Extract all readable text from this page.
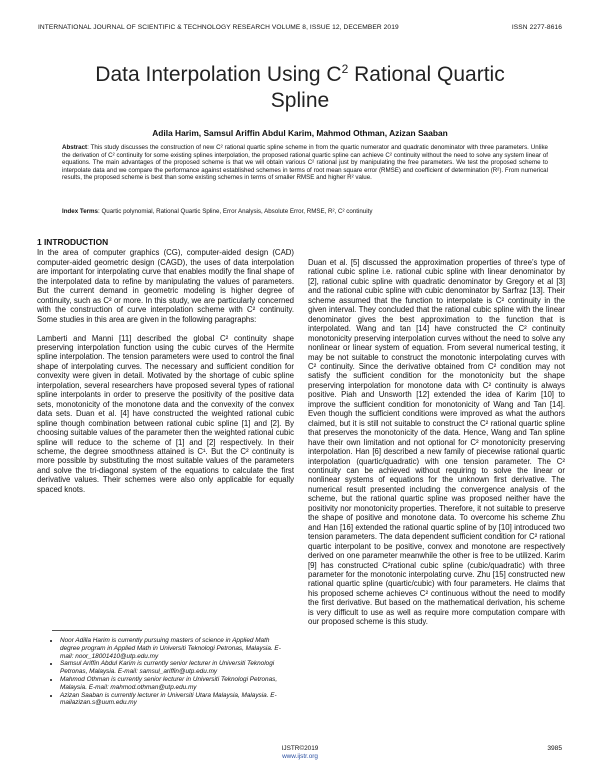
INTERNATIONAL JOURNAL OF SCIENTIFIC & TECHNOLOGY RESEARCH VOLUME 8, ISSUE 12, DECEMBER 2019	ISSN 2277-8616
Data Interpolation Using $C^2$ Rational Quartic
Spline
Adila Harim, Samsul Ariffin Abdul Karim, Mahmod Othman, Azizan Saaban
Abstract: This study discusses the construction of new C² rational quartic spline scheme in from the quartic numerator and quadratic denominator with three parameters. Unlike the derivation of C² continuity for some existing splines interpolation, the proposed rational quartic spline can achieve C² continuity without the need to solve any system linear of equations. The main advantages of the proposed scheme is that we will obtain various C² rational just by manipulating the free parameters. We test the proposed scheme to interpolate data and we compare the performance against established schemes in terms of root mean square error (RMSE) and coefficient of determination (R²). From numerical results, the proposed scheme is best than some existing schemes in terms of smaller RMSE and higher R² value.
Index Terms: Quartic polynomial, Rational Quartic Spline, Error Analysis, Absolute Error, RMSE, R², C² continuity

1 INTRODUCTION

In the area of computer graphics (CG), computer-aided design (CAD) computer-aided geometric design (CAGD), the uses of data interpolation are important for interpolating curve that enables modify the final shape of the interpolated data to refine by manipulating the values of parameters. But the current demand in geometric modeling is higher degree of continuity, such as C² or more. In this study, we are particularly concerned with the construction of curve interpolation scheme with C² continuity. Some studies in this area are given in the following paragraphs:

Lamberti and Manni [11] described the global C² continuity shape preserving interpolation function using the cubic curves of the Hermite spline interpolation. The tension parameters were used to control the final shape of interpolating curves. The necessary and sufficient condition for convexity were given in detail. Motivated by the shortage of cubic spline interpolation, several researchers have proposed several types of rational spline interpolants in order to preserve the positivity of the positive data sets, monotonicity of the monotone data and the convexity of the convex data sets. Duan et al. [4] have constructed the weighted rational cubic spline though combination between rational cubic spline [1] and [2]. By choosing suitable values of the parameter then the weighted rational cubic spline will reduce to the scheme of [1] and [2] respectively. In their scheme, the degree smoothness attained is C¹. But the C² continuity is more possible by substituting the most suitable values of the parameters and solve the tri-diagonal system of the equations to calculate the first derivative values. Their schemes were also only applicable for equally spaced knots.

• Noor Adilla Harim is currently pursuing masters of science in Applied Math degree program in Applied Math in Universiti Teknologi Petronas, Malaysia. E-mail: noor_18001410@utp.edu.my
• Samsul Ariffin Abdul Karim is currently senior lecturer in Universiti Teknologi Petronas, Malaysia. E-mail: samsul_ariffin@utp.edu.my
• Mahmod Othman is currently senior lecturer in Universiti Teknologi Petronas, Malaysia. E-mail: mahmod.othman@utp.edu.my
• Azizan Saaban is currently lecturer in Universiti Utara Malaysia, Malaysia. E-mailazizan.s@uum.edu.my

Duan et al. [5] discussed the approximation properties of three’s type of rational cubic spline i.e. rational cubic spline with linear denominator by [2], rational cubic spline with quadratic denominator by Gregory et al [3] and the rational cubic spline with cubic denominator by Sarfraz [13]. Their scheme assumed that the function to interpolate is C² continuity in the given interval. They concluded that the rational cubic spline with the linear denominator gives the best approximation to the function that is interpolated. Wang and tan [14] have constructed the C² continuity monotonicity preserving interpolation curves without the need to solve any nonlinear or linear system of equation. From several numerical testing, it may be not suitable to construct the monotonic interpolating curves with C² continuity. Since the derivative obtained from C² condition may not satisfy the sufficient condition for the monotonicity but the shape preserving interpolation for monotone data with C² continuity is always positive. Piah and Unsworth [12] extended the idea of Karim [10] to improve the sufficient condition for monotonicity of Wang and Tan [14]. Even though the sufficient conditions were improved as what the authors claimed, but it is still not suitable to construct the C² rational quartic spline that preserves the monotonicity of the data. Hence, Wang and Tan spline have their own limitation and not optional for C² monotonicity preserving interpolation. Han [6] described a new family of piecewise rational quartic interpolation (quartic/quadratic) with one tension parameter. The C² continuity can be achieved without requiring to solve the linear or nonlinear systems of equations for the unknown first derivative. The numerical result presented including the convergence analysis of the scheme, but the rational quartic spline was proposed neither have the positivity nor monotonicity properties. Therefore, it not suitable to preserve the shape of positive and monotone data. To overcome his scheme Zhu and Han [16] extended the rational quartic spline of by [10] introduced two tension parameters. The data dependent sufficient condition for C² rational quartic interpolant to be positive, convex and monotone are respectively derived on one parameter meanwhile the other is free to be utilized. Karim [9] has constructed C²rational cubic spline (cubic/quadratic) with three parameter for the monotonic interpolating curve. Zhu [15] constructed new rational quartic spline (quartic/cubic) with four parameters. He claims that his proposed scheme achieves C² continuous without the need to modify the first derivative. But based on the mathematical derivation, his scheme is very difficult to use as well as require more computation compare with our proposed scheme is this study.

IJSTR©2019
www.ijstr.org
3985
